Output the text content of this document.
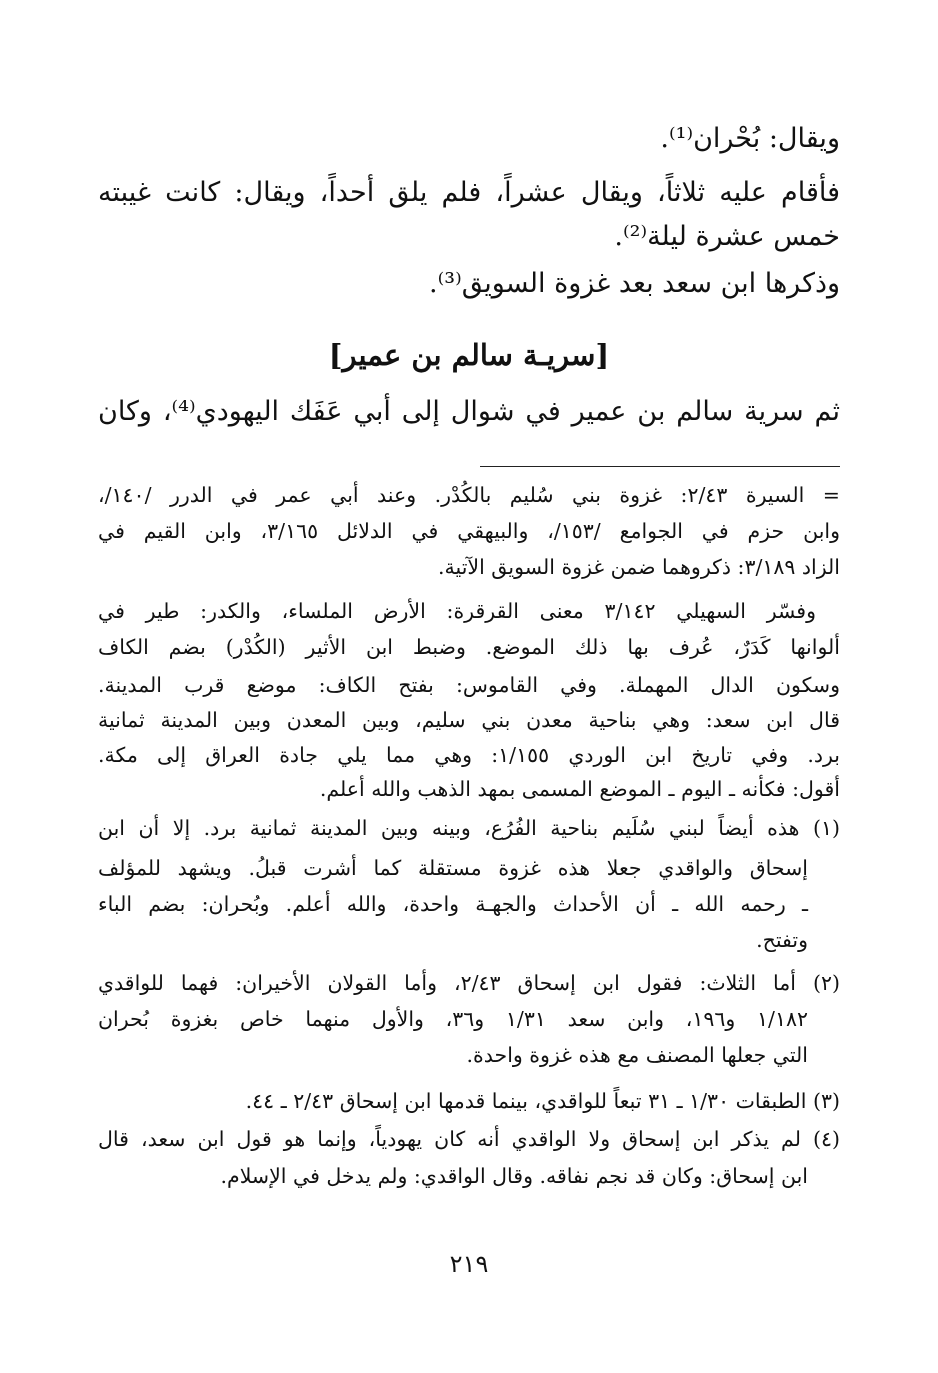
ويقال: بُحْران⁽¹⁾.
فأقام عليه ثلاثاً، ويقال عشراً، فلم يلق أحداً، ويقال: كانت غيبته
خمس عشرة ليلة⁽²⁾.
وذكرها ابن سعد بعد غزوة السويق⁽³⁾.
[سريـة سالم بن عمير]
ثم سرية سالم بن عمير في شوال إلى أبي عَفَك اليهودي⁽⁴⁾، وكان
= السيرة ٢/٤٣: غزوة بني سُليم بالكُدْر. وعند أبي عمر في الدرر /١٤٠/،
وابن حزم في الجوامع /١٥٣/، والبيهقي في الدلائل ٣/١٦٥، وابن القيم في
الزاد ٣/١٨٩: ذكروهما ضمن غزوة السويق الآتية.
وفسّر السهيلي ٣/١٤٢ معنى القرقرة: الأرض الملساء، والكدر: طير في
ألوانها كَدَرٌ، عُرف بها ذلك الموضع. وضبط ابن الأثير (الكُدْر) بضم الكاف
وسكون الدال المهملة. وفي القاموس: بفتح الكاف: موضع قرب المدينة.
قال ابن سعد: وهي بناحية معدن بني سليم، وبين المعدن وبين المدينة ثمانية
برد. وفي تاريخ ابن الوردي ١/١٥٥: وهي مما يلي جادة العراق إلى مكة.
أقول: فكأنه ـ اليوم ـ الموضع المسمى بمهد الذهب والله أعلم.
(١) هذه أيضاً لبني سُلَيم بناحية الفُرُع، وبينه وبين المدينة ثمانية برد. إلا أن ابن
إسحاق والواقدي جعلا هذه غزوة مستقلة كما أشرت قبلُ. ويشهد للمؤلف
ـ رحمه الله ـ أن الأحداث والجهـة واحدة، والله أعلم. وبُحران: بضم الباء
وتفتح.
(٢) أما الثلاث: فقول ابن إسحاق ٢/٤٣، وأما القولان الأخيران: فهما للواقدي
١/١٨٢ و١٩٦، وابن سعد ١/٣١ و٣٦، والأول منهما خاص بغزوة بُحران
التي جعلها المصنف مع هذه غزوة واحدة.
(٣) الطبقات ١/٣٠ ـ ٣١ تبعاً للواقدي، بينما قدمها ابن إسحاق ٢/٤٣ ـ ٤٤.
(٤) لم يذكر ابن إسحاق ولا الواقدي أنه كان يهودياً، وإنما هو قول ابن سعد، قال
ابن إسحاق: وكان قد نجم نفاقه. وقال الواقدي: ولم يدخل في الإسلام.
٢١٩
